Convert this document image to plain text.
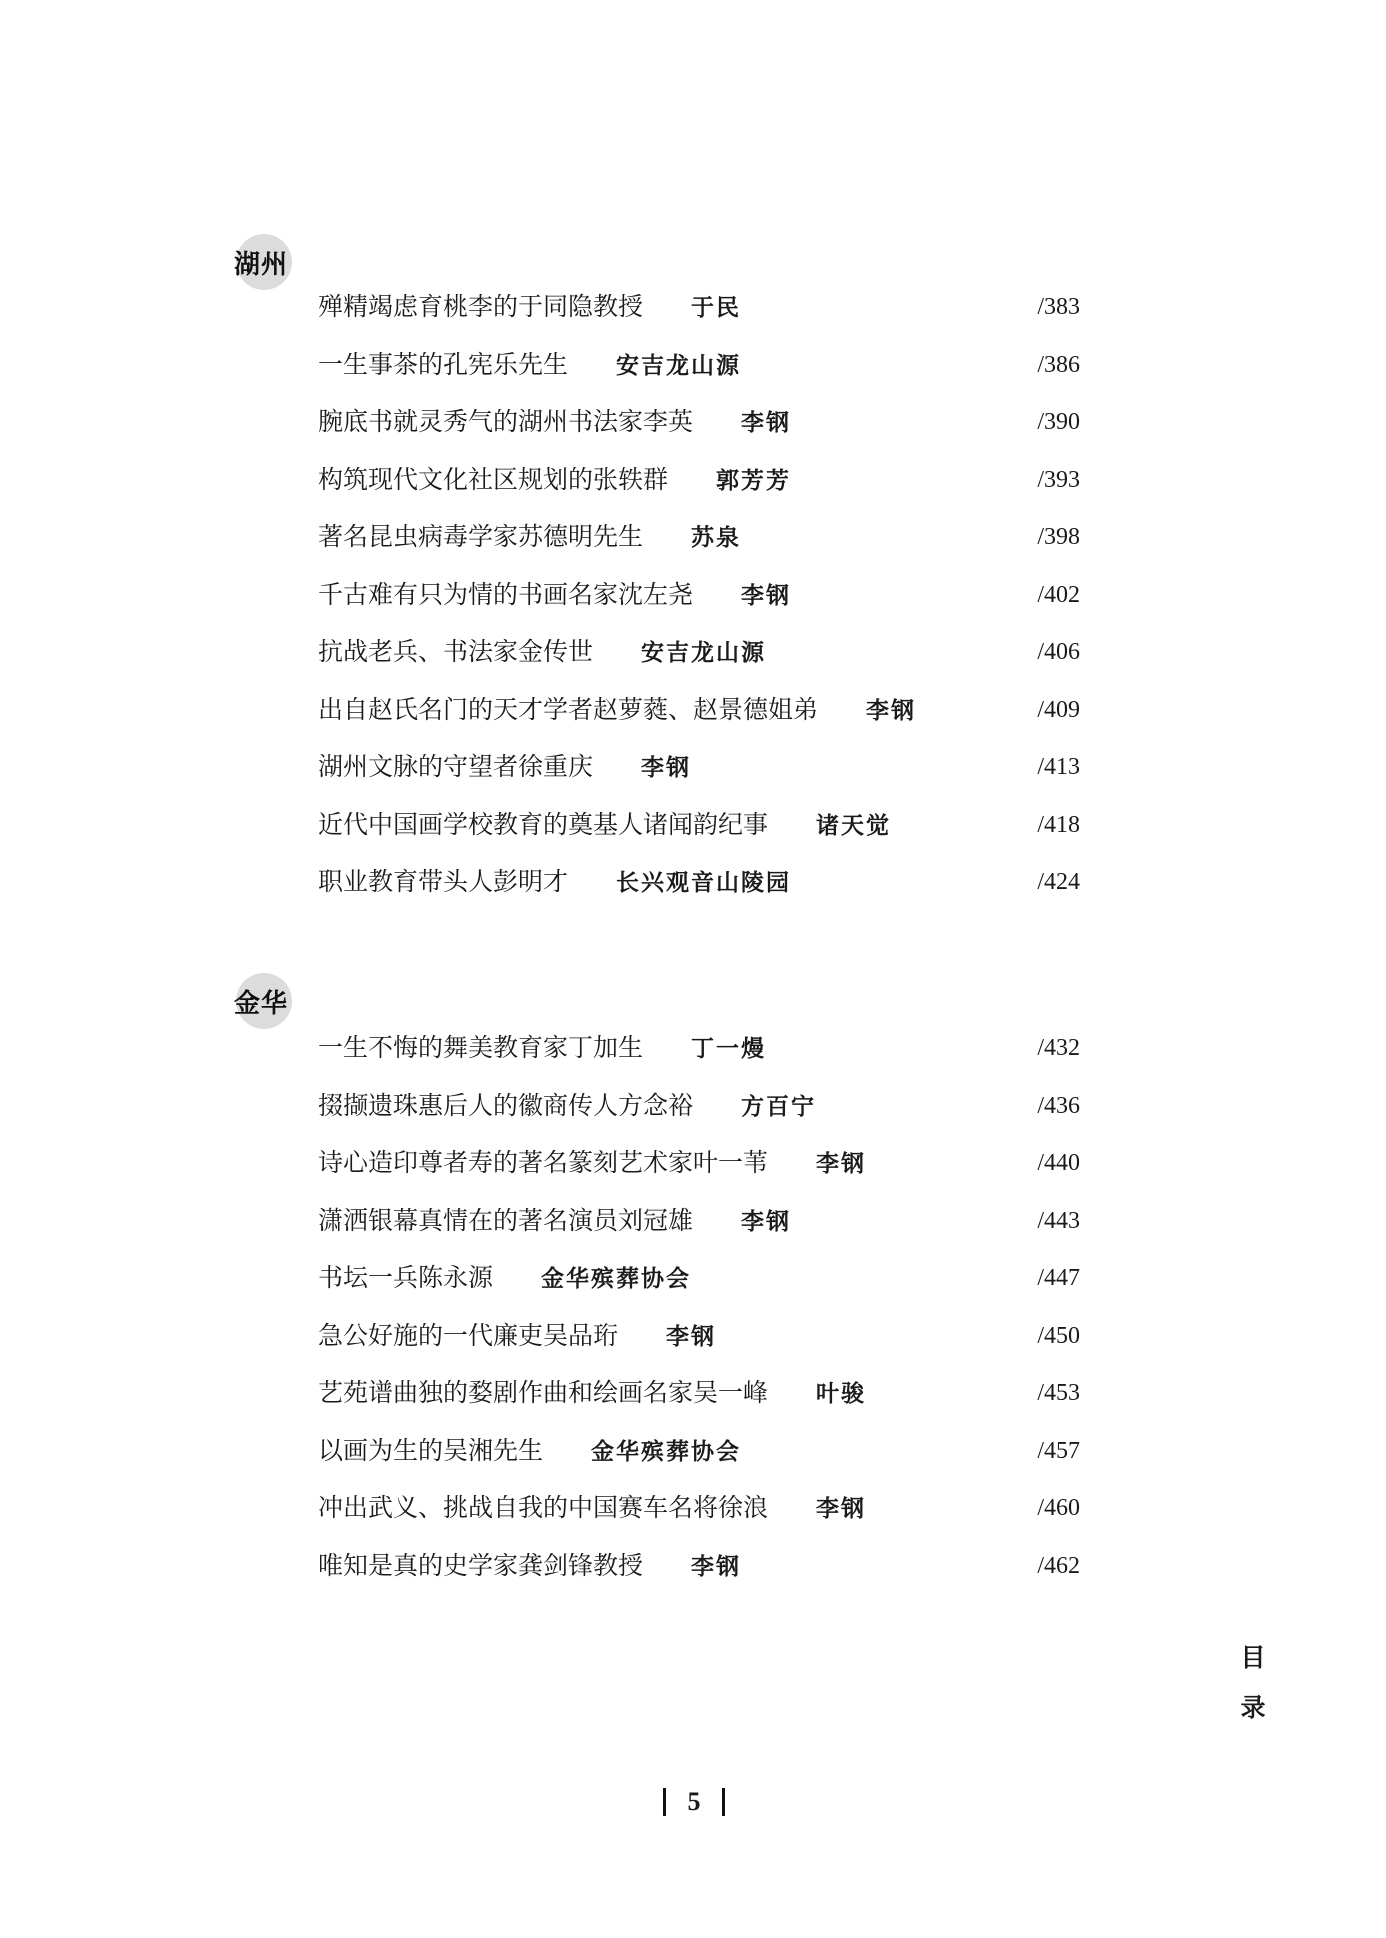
湖州
殚精竭虑育桃李的于同隐教授 于民	/383
一生事茶的孔宪乐先生 安吉龙山源	/386
腕底书就灵秀气的湖州书法家李英 李钢	/390
构筑现代文化社区规划的张轶群 郭芳芳	/393
著名昆虫病毒学家苏德明先生 苏泉	/398
千古难有只为情的书画名家沈左尧 李钢	/402
抗战老兵、书法家金传世 安吉龙山源	/406
出自赵氏名门的天才学者赵萝蕤、赵景德姐弟 李钢	/409
湖州文脉的守望者徐重庆 李钢	/413
近代中国画学校教育的奠基人诸闻韵纪事 诸天觉	/418
职业教育带头人彭明才 长兴观音山陵园	/424
金华
一生不悔的舞美教育家丁加生 丁一熳	/432
掇撷遗珠惠后人的徽商传人方念裕 方百宁	/436
诗心造印尊者寿的著名篆刻艺术家叶一苇 李钢	/440
潇洒银幕真情在的著名演员刘冠雄 李钢	/443
书坛一兵陈永源 金华殡葬协会	/447
急公好施的一代廉吏吴品珩 李钢	/450
艺苑谱曲独的婺剧作曲和绘画名家吴一峰 叶骏	/453
以画为生的吴湘先生 金华殡葬协会	/457
冲出武义、挑战自我的中国赛车名将徐浪 李钢	/460
唯知是真的史学家龚剑锋教授 李钢	/462
目
录
5
